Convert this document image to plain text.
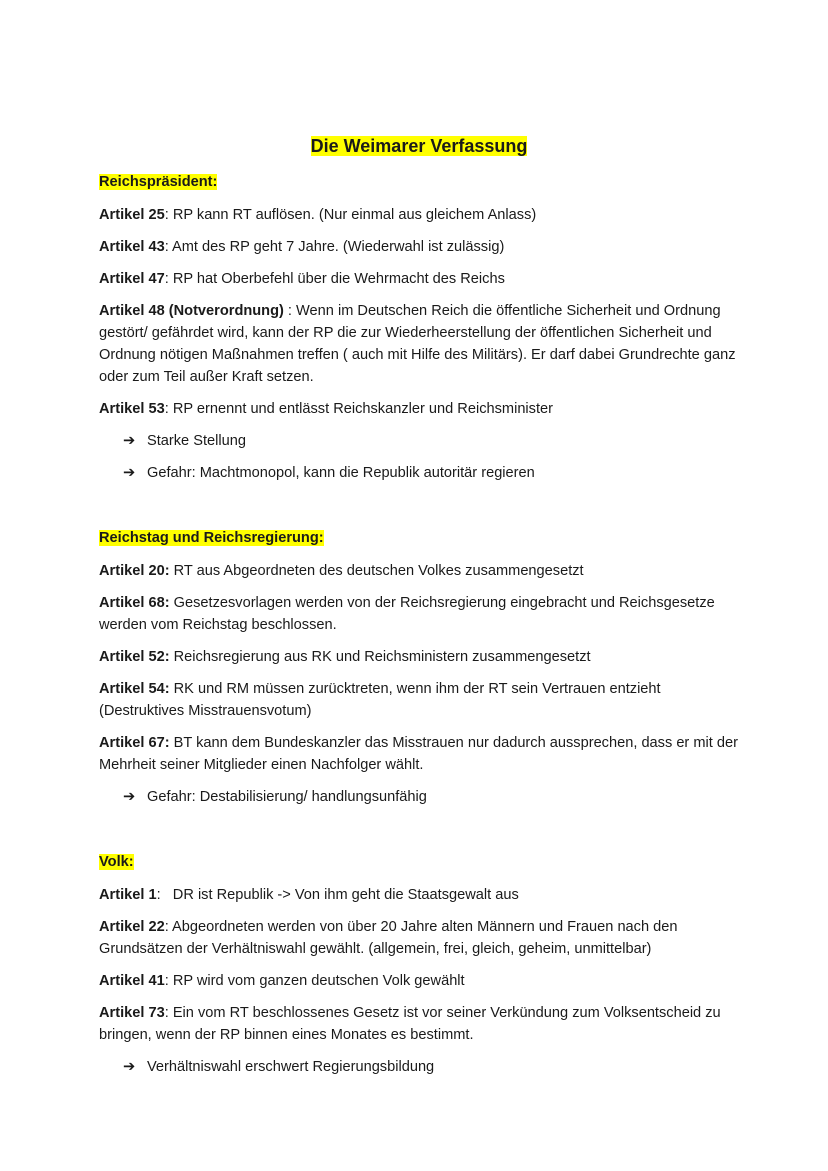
Die Weimarer Verfassung
Reichspräsident:

Artikel 25: RP kann RT auflösen. (Nur einmal aus gleichem Anlass)

Artikel 43: Amt des RP geht 7 Jahre. (Wiederwahl ist zulässig)

Artikel 47: RP hat Oberbefehl über die Wehrmacht des Reichs

Artikel 48 (Notverordnung) : Wenn im Deutschen Reich die öffentliche Sicherheit und Ordnung gestört/ gefährdet wird, kann der RP die zur Wiederheerstellung der öffentlichen Sicherheit und Ordnung nötigen Maßnahmen treffen ( auch mit Hilfe des Militärs). Er darf dabei Grundrechte ganz oder zum Teil außer Kraft setzen.

Artikel 53: RP ernennt und entlässt Reichskanzler und Reichsminister

➔ Starke Stellung
➔ Gefahr: Machtmonopol, kann die Republik autoritär regieren
Reichstag und Reichsregierung:

Artikel 20: RT aus Abgeordneten des deutschen Volkes zusammengesetzt

Artikel 68: Gesetzesvorlagen werden von der Reichsregierung eingebracht und Reichsgesetze werden vom Reichstag beschlossen.

Artikel 52: Reichsregierung aus RK und Reichsministern zusammengesetzt

Artikel 54: RK und RM müssen zurücktreten, wenn ihm der RT sein Vertrauen entzieht (Destruktives Misstrauensvotum)

Artikel 67: BT kann dem Bundeskanzler das Misstrauen nur dadurch aussprechen, dass er mit der Mehrheit seiner Mitglieder einen Nachfolger wählt.

➔ Gefahr: Destabilisierung/ handlungsunfähig
Volk:

Artikel 1:   DR ist Republik -> Von ihm geht die Staatsgewalt aus

Artikel 22: Abgeordneten werden von über 20 Jahre alten Männern und Frauen nach den Grundsätzen der Verhältniswahl gewählt. (allgemein, frei, gleich, geheim, unmittelbar)

Artikel 41: RP wird vom ganzen deutschen Volk gewählt

Artikel 73: Ein vom RT beschlossenes Gesetz ist vor seiner Verkündung zum Volksentscheid zu bringen, wenn der RP binnen eines Monates es bestimmt.

➔ Verhältniswahl erschwert Regierungsbildung
